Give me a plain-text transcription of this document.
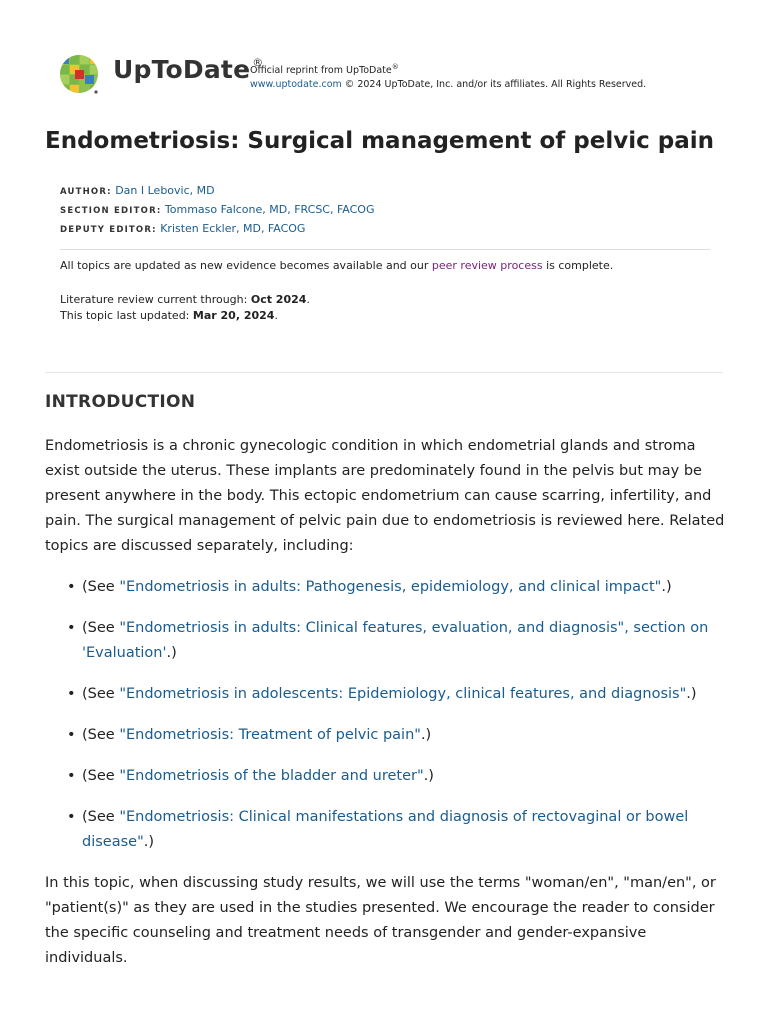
UpToDate ®
Official reprint from UpToDate®
www.uptodate.com © 2024 UpToDate, Inc. and/or its affiliates. All Rights Reserved.
Endometriosis: Surgical management of pelvic pain
AUTHOR: Dan I Lebovic, MD
SECTION EDITOR: Tommaso Falcone, MD, FRCSC, FACOG
DEPUTY EDITOR: Kristen Eckler, MD, FACOG
All topics are updated as new evidence becomes available and our peer review process is complete.
Literature review current through: Oct 2024.
This topic last updated: Mar 20, 2024.
INTRODUCTION

Endometriosis is a chronic gynecologic condition in which endometrial glands and stroma exist outside the uterus. These implants are predominately found in the pelvis but may be present anywhere in the body. This ectopic endometrium can cause scarring, infertility, and pain. The surgical management of pelvic pain due to endometriosis is reviewed here. Related topics are discussed separately, including:

• (See "Endometriosis in adults: Pathogenesis, epidemiology, and clinical impact".)
• (See "Endometriosis in adults: Clinical features, evaluation, and diagnosis", section on 'Evaluation'.)
• (See "Endometriosis in adolescents: Epidemiology, clinical features, and diagnosis".)
• (See "Endometriosis: Treatment of pelvic pain".)
• (See "Endometriosis of the bladder and ureter".)
• (See "Endometriosis: Clinical manifestations and diagnosis of rectovaginal or bowel disease".)

In this topic, when discussing study results, we will use the terms "woman/en", "man/en", or "patient(s)" as they are used in the studies presented. We encourage the reader to consider the specific counseling and treatment needs of transgender and gender-expansive individuals.
